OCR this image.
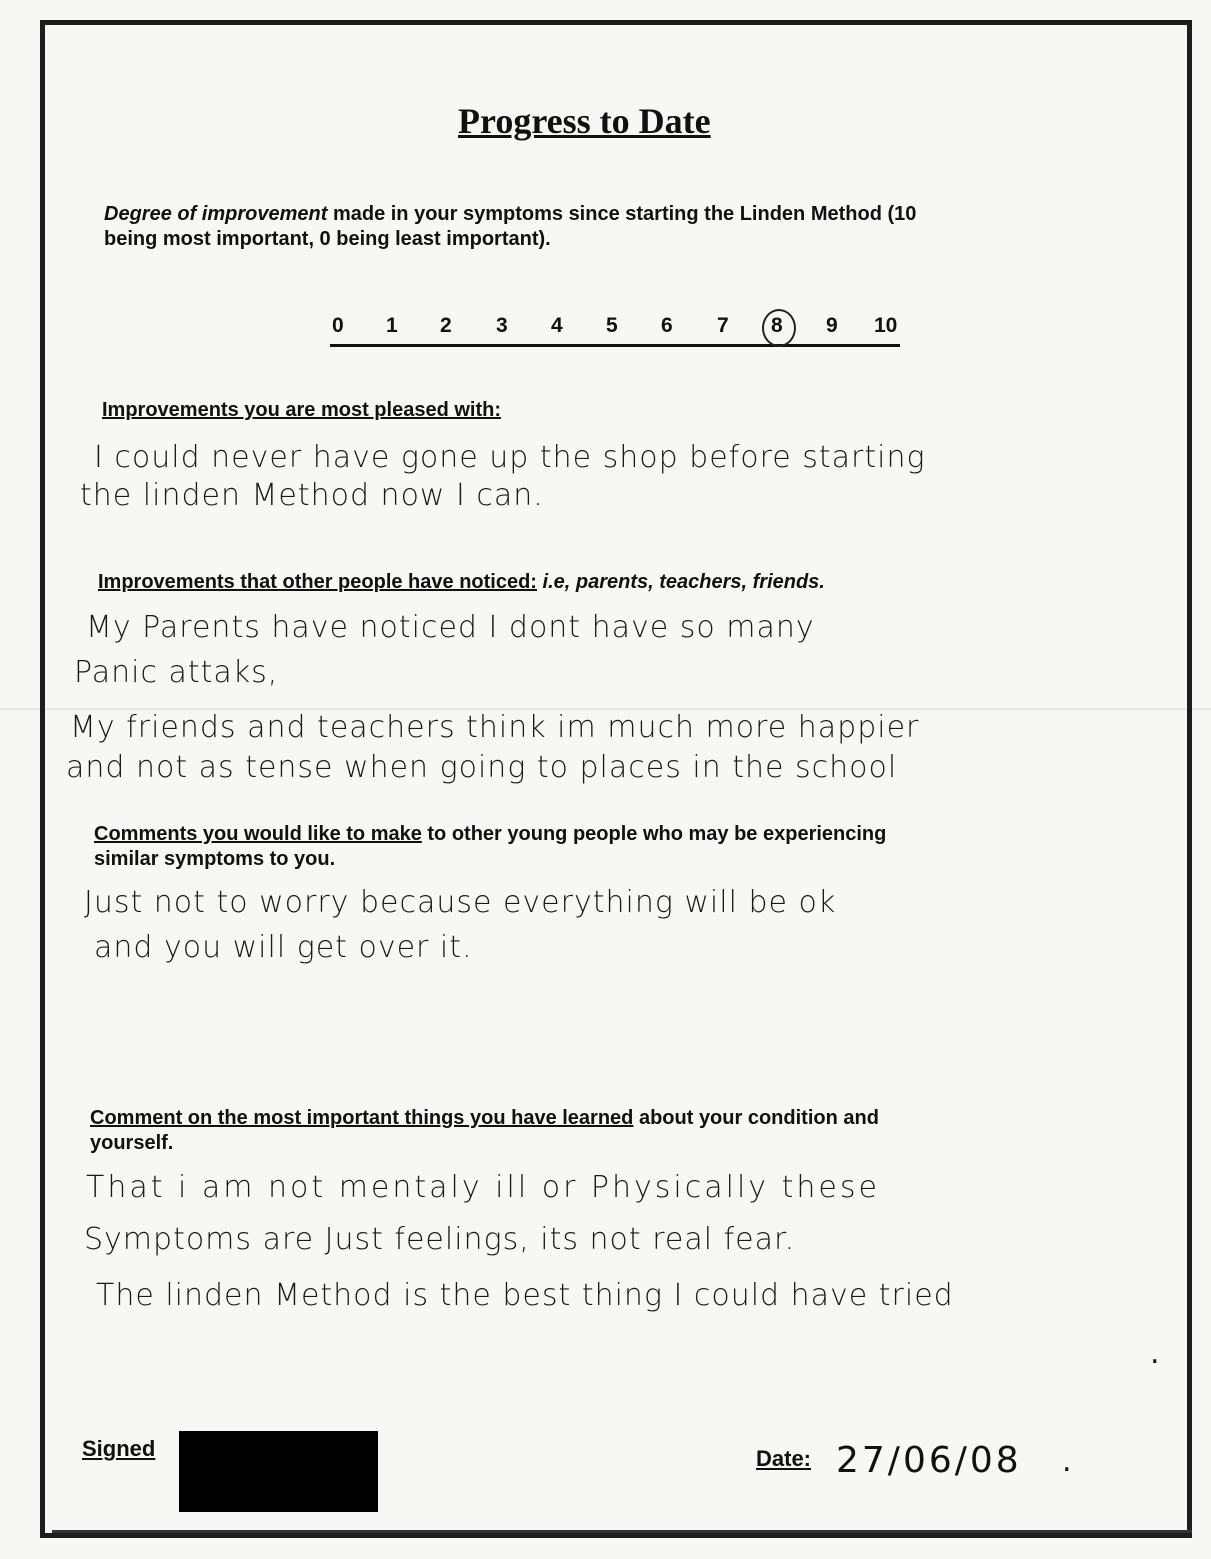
Progress to Date
Degree of improvement made in your symptoms since starting the Linden Method (10
being most important, 0 being least important).
0 1 2 3 4 5 6 7 8 9 10
Improvements you are most pleased with:
I could never have gone up the shop before starting
the linden Method now I can.
Improvements that other people have noticed: i.e, parents, teachers, friends.
My Parents have noticed I dont have so many
Panic attaks,
My friends and teachers think im much more happier
and not as tense when going to places in the school
Comments you would like to make to other young people who may be experiencing
similar symptoms to you.
Just not to worry because everything will be ok
and you will get over it.
Comment on the most important things you have learned about your condition and
yourself.
That i am not mentaly ill or Physically these
Symptoms are Just feelings, its not real fear.
The linden Method is the best thing I could have tried
.
Signed	Date: 27/06/08 .
